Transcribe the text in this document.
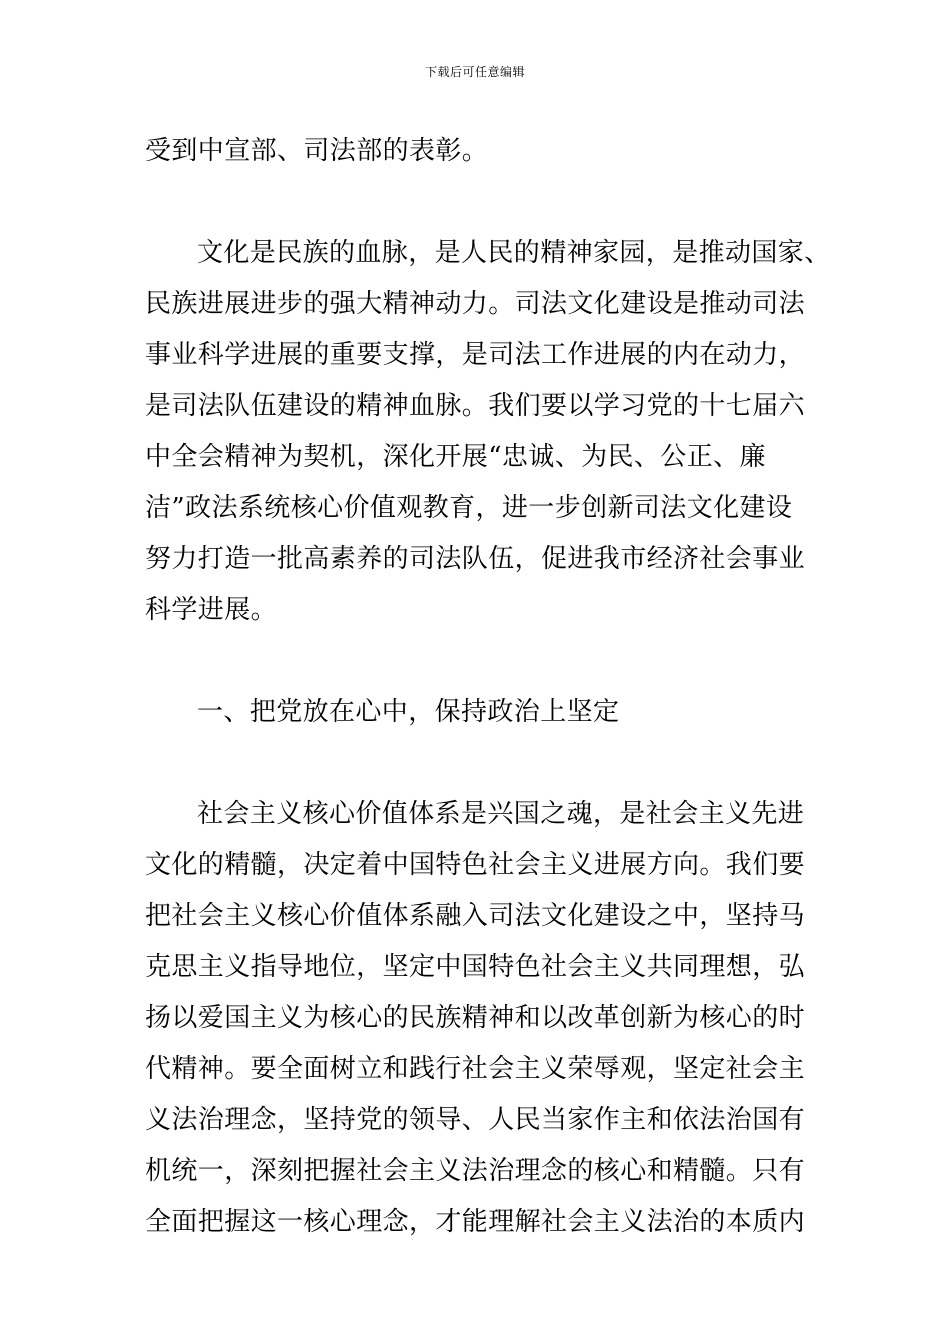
下载后可任意编辑
受到中宣部、司法部的表彰。
文化是民族的血脉，是人民的精神家园，是推动国家、
民族进展进步的强大精神动力。司法文化建设是推动司法
事业科学进展的重要支撑，是司法工作进展的内在动力，
是司法队伍建设的精神血脉。我们要以学习党的十七届六
中全会精神为契机，深化开展“忠诚、为民、公正、廉
洁”政法系统核心价值观教育，进一步创新司法文化建设
努力打造一批高素养的司法队伍，促进我市经济社会事业
科学进展。
一、把党放在心中，保持政治上坚定
社会主义核心价值体系是兴国之魂，是社会主义先进
文化的精髓，决定着中国特色社会主义进展方向。我们要
把社会主义核心价值体系融入司法文化建设之中，坚持马
克思主义指导地位，坚定中国特色社会主义共同理想，弘
扬以爱国主义为核心的民族精神和以改革创新为核心的时
代精神。要全面树立和践行社会主义荣辱观，坚定社会主
义法治理念，坚持党的领导、人民当家作主和依法治国有
机统一，深刻把握社会主义法治理念的核心和精髓。只有
全面把握这一核心理念，才能理解社会主义法治的本质内
